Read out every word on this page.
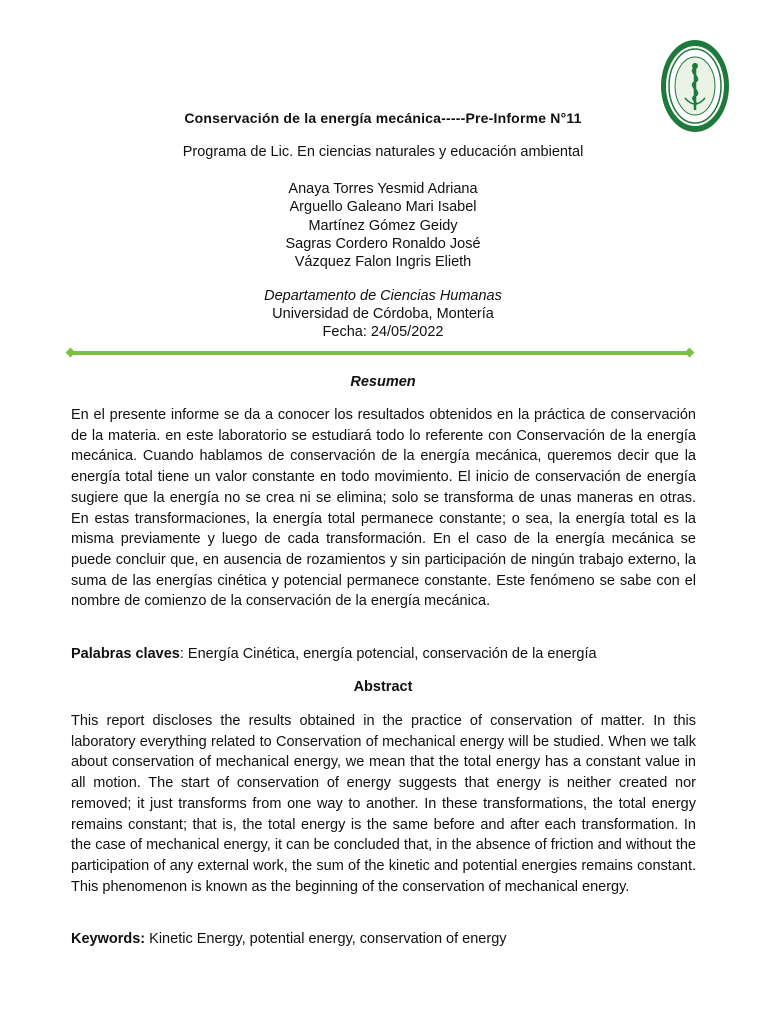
Conservación de la energía mecánica-----Pre-Informe N°11
Programa de Lic. En ciencias naturales y educación ambiental
Anaya Torres Yesmid Adriana
Arguello Galeano Mari Isabel
Martínez Gómez Geidy
Sagras Cordero Ronaldo José
Vázquez Falon Ingris Elieth
Departamento de Ciencias Humanas
Universidad de Córdoba, Montería
Fecha: 24/05/2022
Resumen
En el presente informe se da a conocer los resultados obtenidos en la práctica de conservación de la materia. en este laboratorio se estudiará todo lo referente con Conservación de la energía mecánica. Cuando hablamos de conservación de la energía mecánica, queremos decir que la energía total tiene un valor constante en todo movimiento. El inicio de conservación de energía sugiere que la energía no se crea ni se elimina; solo se transforma de unas maneras en otras. En estas transformaciones, la energía total permanece constante; o sea, la energía total es la misma previamente y luego de cada transformación. En el caso de la energía mecánica se puede concluir que, en ausencia de rozamientos y sin participación de ningún trabajo externo, la suma de las energías cinética y potencial permanece constante. Este fenómeno se sabe con el nombre de comienzo de la conservación de la energía mecánica.
Palabras claves: Energía Cinética, energía potencial, conservación de la energía
Abstract
This report discloses the results obtained in the practice of conservation of matter. In this laboratory everything related to Conservation of mechanical energy will be studied. When we talk about conservation of mechanical energy, we mean that the total energy has a constant value in all motion. The start of conservation of energy suggests that energy is neither created nor removed; it just transforms from one way to another. In these transformations, the total energy remains constant; that is, the total energy is the same before and after each transformation. In the case of mechanical energy, it can be concluded that, in the absence of friction and without the participation of any external work, the sum of the kinetic and potential energies remains constant. This phenomenon is known as the beginning of the conservation of mechanical energy.
Keywords: Kinetic Energy, potential energy, conservation of energy
